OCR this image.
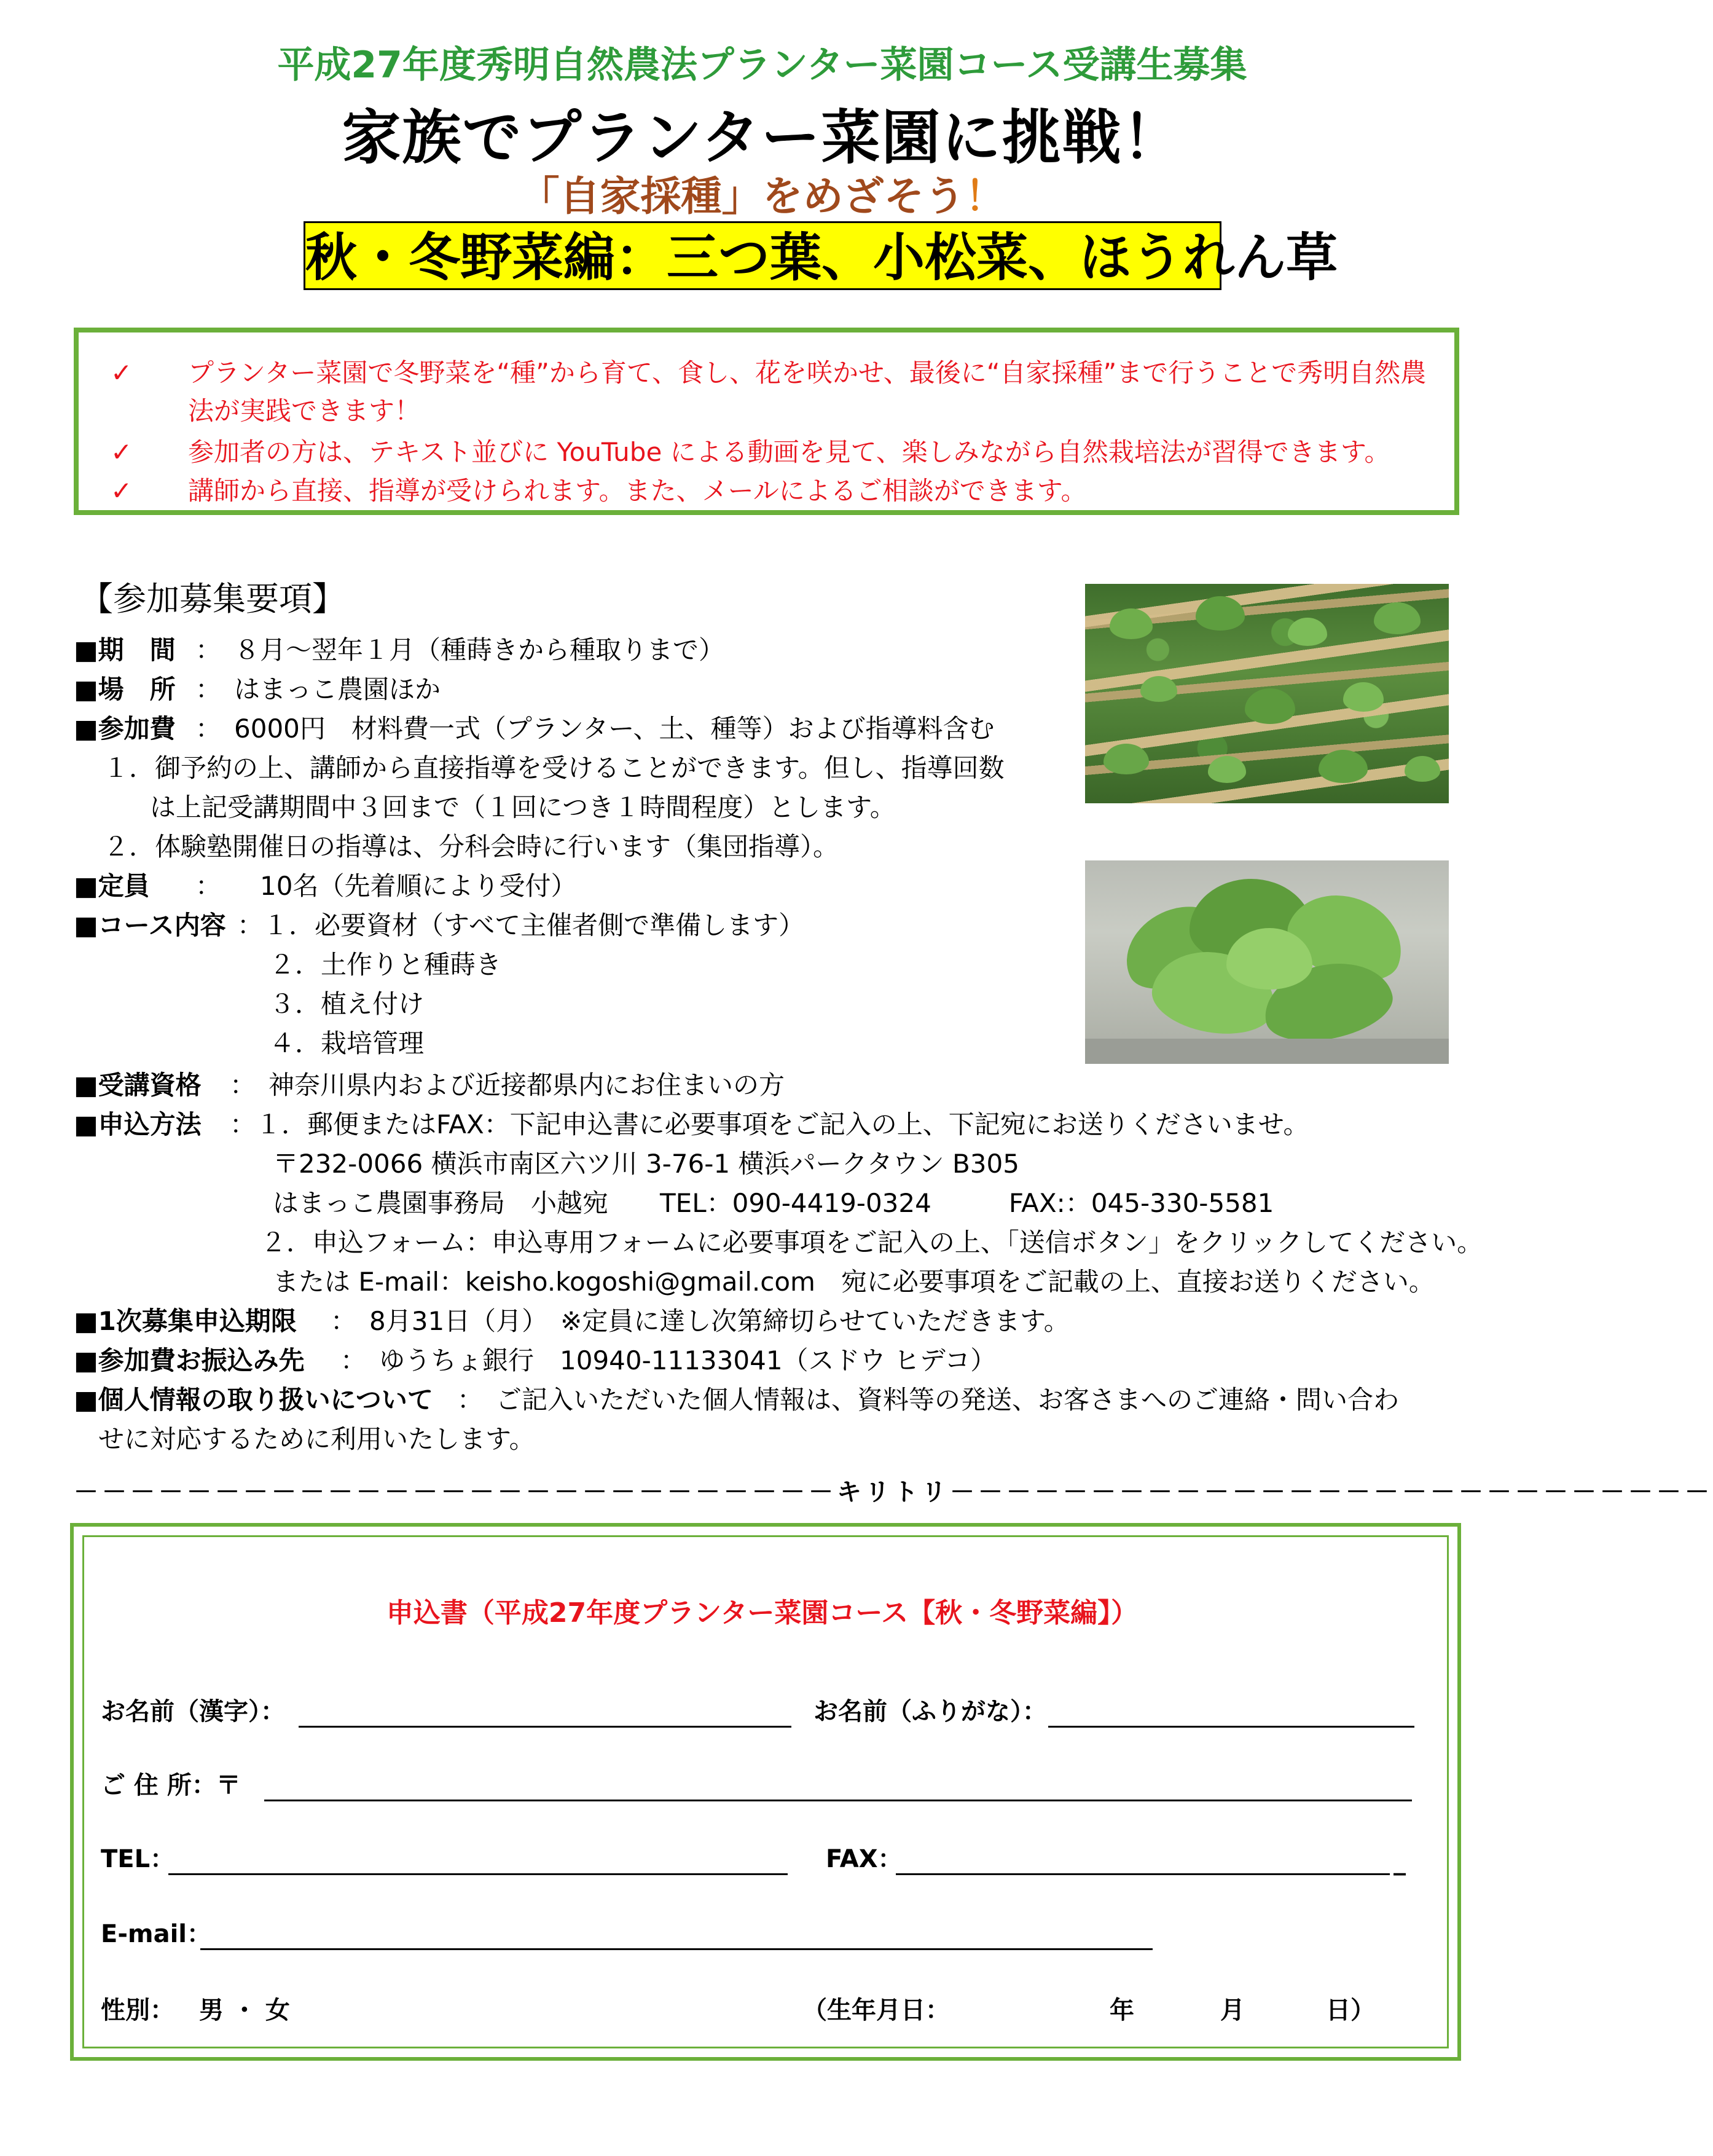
平成27年度秀明自然農法プランター菜園コース受講生募集
家族でプランター菜園に挑戦！
「自家採種」をめざそう！
秋・冬野菜編：三つ葉、小松菜、ほうれん草
✓ プランター菜園で冬野菜を“種”から育て、食し、花を咲かせ、最後に“自家採種”まで行うことで秀明自然農
法が実践できます！
✓ 参加者の方は、テキスト並びに YouTube による動画を見て、楽しみながら自然栽培法が習得できます。
✓ 講師から直接、指導が受けられます。また、メールによるご相談ができます。
【参加募集要項】
■期　間 ：　８月～翌年１月（種蒔きから種取りまで）
■場　所 ：　はまっこ農園ほか
■参加費 ：　6000円　材料費一式（プランター、土、種等）および指導料含む
１．御予約の上、講師から直接指導を受けることができます。但し、指導回数
は上記受講期間中３回まで（１回につき１時間程度）とします。
２．体験塾開催日の指導は、分科会時に行います（集団指導）。
■定員 ：　　10名（先着順により受付）
■コース内容 ：１．必要資材（すべて主催者側で準備します）
２．土作りと種蒔き
３．植え付け
４．栽培管理
■受講資格 ：　神奈川県内および近接都県内にお住まいの方
■申込方法 ：１．郵便またはFAX：下記申込書に必要事項をご記入の上、下記宛にお送りくださいませ。
〒232-0066 横浜市南区六ツ川 3-76-1 横浜パークタウン B305
はまっこ農園事務局　小越宛　　TEL：090-4419-0324　　　FAX:：045-330-5581
２．申込フォーム：申込専用フォームに必要事項をご記入の上、「送信ボタン」をクリックしてください。
または E-mail：keisho.kogoshi@gmail.com　宛に必要事項をご記載の上、直接お送りください。
■1次募集申込期限 ：　8月31日（月）　※定員に達し次第締切らせていただきます。
■参加費お振込み先 ：　ゆうちょ銀行　10940-11133041（スドウ ヒデコ）
■個人情報の取り扱いについて ：　ご記入いただいた個人情報は、資料等の発送、お客さまへのご連絡・問い合わ
せに対応するために利用いたします。
－－－－－－－－－－－－－－－－－－－－－－－－－－－キリトリ－－－－－－－－－－－－－－－－－－－－－－－－－－－
申込書（平成27年度プランター菜園コース【秋・冬野菜編】）
お名前（漢字）：	お名前（ふりがな）：
ご 住 所：〒
TEL：	FAX：	_
E-mail：
性別： 男 ・ 女	（生年月日：	年	月	日）
